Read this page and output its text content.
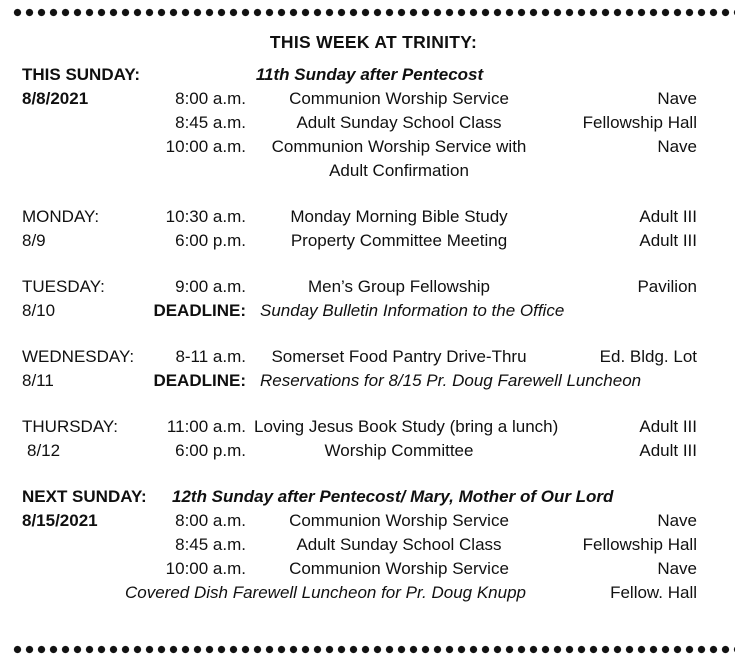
THIS WEEK AT TRINITY:
THIS SUNDAY:	11th Sunday after Pentecost
8/8/2021	8:00 a.m.	Communion Worship Service	Nave
8:45 a.m.	Adult Sunday School Class	Fellowship Hall
10:00 a.m.	Communion Worship Service with	Nave
Adult Confirmation
MONDAY:	10:30 a.m.	Monday Morning Bible Study	Adult III
8/9	6:00 p.m.	Property Committee Meeting	Adult III
TUESDAY:	9:00 a.m.	Men’s Group Fellowship	Pavilion
8/10	DEADLINE: Sunday Bulletin Information to the Office
WEDNESDAY:	8-11 a.m.	Somerset Food Pantry Drive-Thru	Ed. Bldg. Lot
8/11	DEADLINE: Reservations for 8/15 Pr. Doug Farewell Luncheon
THURSDAY:	11:00 a.m. Loving Jesus Book Study (bring a lunch)	Adult III
8/12	6:00 p.m.	Worship Committee	Adult III
NEXT SUNDAY:	12th Sunday after Pentecost/ Mary, Mother of Our Lord
8/15/2021	8:00 a.m.	Communion Worship Service	Nave
8:45 a.m.	Adult Sunday School Class	Fellowship Hall
10:00 a.m.	Communion Worship Service	Nave
Covered Dish Farewell Luncheon for Pr. Doug Knupp	Fellow. Hall
